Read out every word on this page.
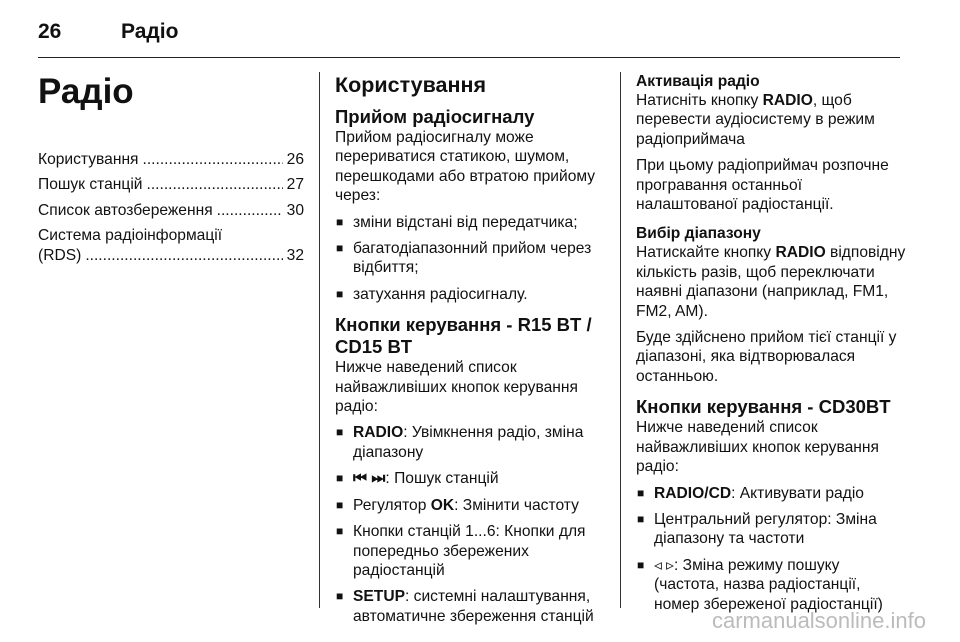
26	Радіо
Радіо
Користування .....	26
Пошук станцій .....	27
Список автозбереження .....	30
Система радіоінформації
(RDS) .....	32
Користування
Прийом радіосигналу

Прийом радіосигналу може перериватися статикою, шумом, перешкодами або втратою прийому через:

■ зміни відстані від передатчика;
■ багатодіапазонний прийом через відбиття;
■ затухання радіосигналу.
Кнопки керування - R15 BT / CD15 BT

Нижче наведений список найважливіших кнопок керування радіо:

■ RADIO: Увімкнення радіо, зміна діапазону
■ ⏮ ⏭: Пошук станцій
■ Регулятор OK: Змінити частоту
■ Кнопки станцій 1...6: Кнопки для попередньо збережених радіостанцій
■ SETUP: системні налаштування, автоматичне збереження станцій
Активація радіо

Натисніть кнопку RADIO, щоб перевести аудіосистему в режим радіоприймача

При цьому радіоприймач розпочне програвання останньої налаштованої радіостанції.

Вибір діапазону

Натискайте кнопку RADIO відповідну кількість разів, щоб переключати наявні діапазони (наприклад, FM1, FM2, AM).

Буде здійснено прийом тієї станції у діапазоні, яка відтворювалася останньою.

Кнопки керування - CD30BT

Нижче наведений список найважливіших кнопок керування радіо:

■ RADIO/CD: Активувати радіо
■ Центральний регулятор: Зміна діапазону та частоти
■ ◃ ▹: Зміна режиму пошуку (частота, назва радіостанції, номер збереженої радіостанції)
carmanualsonline.info
